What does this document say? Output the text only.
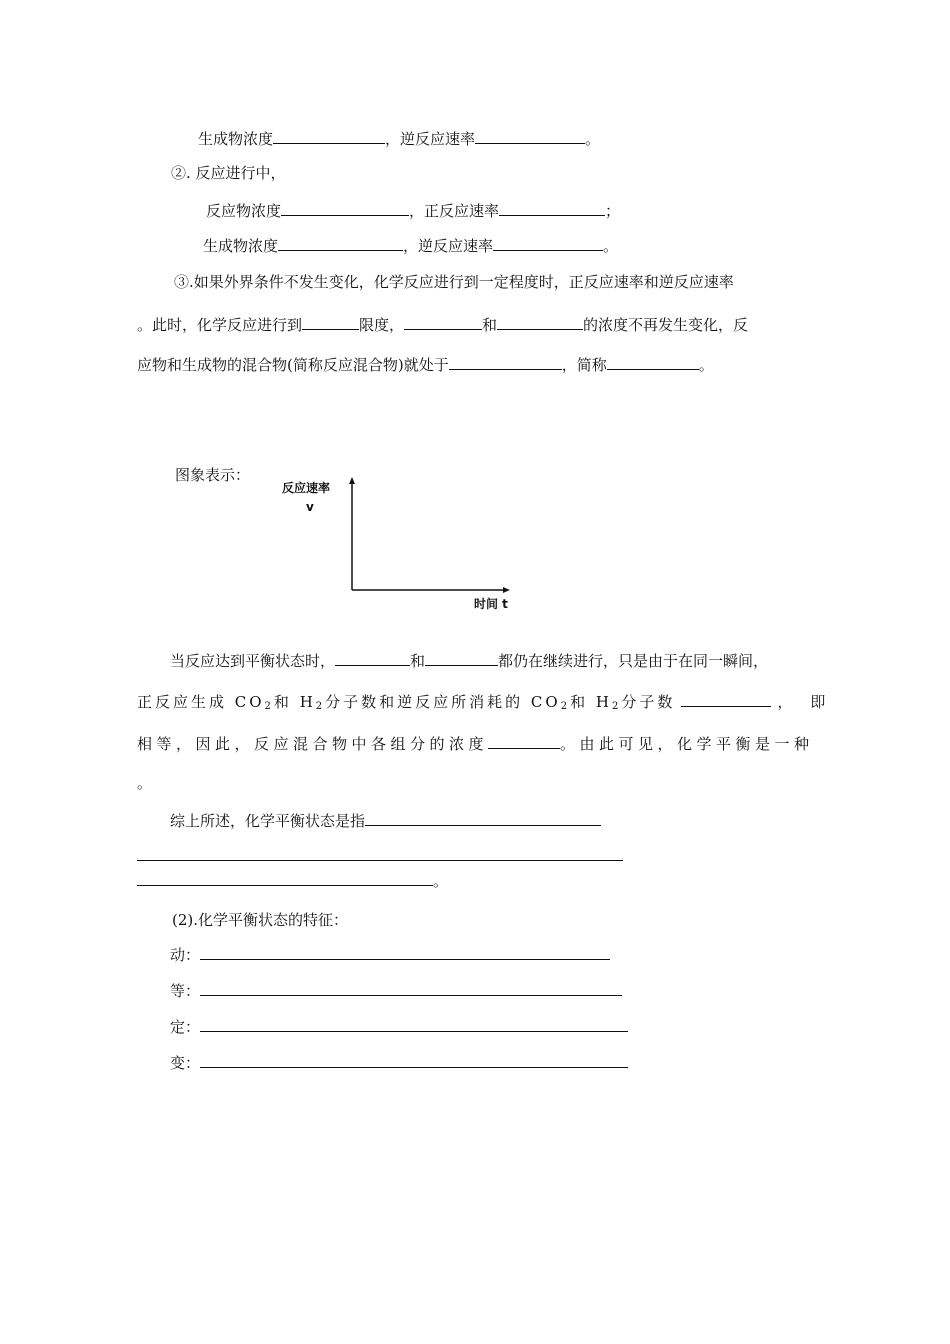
生成物浓度	，逆反应速率	。
②. 反应进行中，
反应物浓度	，正反应速率	；
生成物浓度	，逆反应速率	。
③.如果外界条件不发生变化，化学反应进行到一定程度时，正反应速率和逆反应速率
。此时，化学反应进行到	限度，	和	的浓度不再发生变化，反
应物和生成物的混合物(简称反应混合物)就处于	，简称	。
图象表示：
反应速率
v
时间 t
当反应达到平衡状态时，	和	都仍在继续进行，只是由于在同一瞬间，
正反应生成 $CO_2$和 $H_2$分子数和逆反应所消耗的 $CO_2$和 $H_2$分子数	，即
相等，因此，反应混合物中各组分的浓度	。由此可见，化学平衡是一种
。
综上所述，化学平衡状态是指
。
(2).化学平衡状态的特征：
动：
等：
定：
变：
